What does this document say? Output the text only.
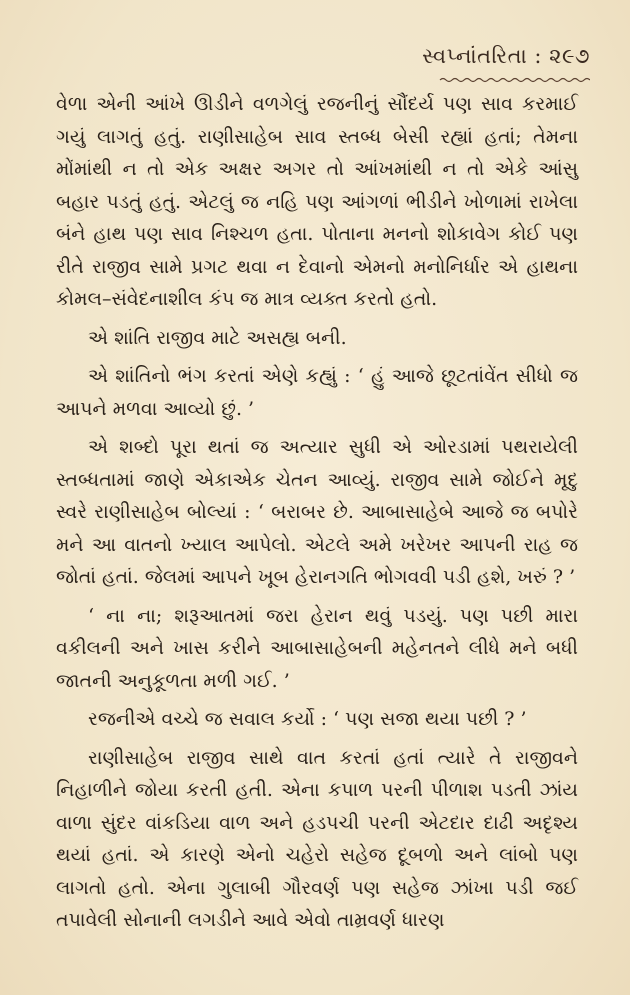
સ્વપ્નાંતરિતા : ૨૯૭

વેળા એની આંખે ઊડીને વળગેલું રજનીનું સૌંદર્ય પણ સાવ કરમાઈ ગયું લાગતું હતું. રાણીસાહેબ સાવ સ્તબ્ધ બેસી રહ્યાં હતાં; તેમના મોંમાંથી ન તો એક અક્ષર અગર તો આંખમાંથી ન તો એકે આંસુ બહાર પડતું હતું. એટલું જ નહિ પણ આંગળાં ભીડીને ખોળામાં રાખેલા બંને હાથ પણ સાવ નિશ્ચળ હતા. પોતાના મનનો શોકાવેગ કોઈ પણ રીતે રાજીવ સામે પ્રગટ થવા ન દેવાનો એમનો મનોનિર્ધાર એ હાથના કોમલ–સંવેદનાશીલ કંપ જ માત્ર વ્યક્ત કરતો હતો.

એ શાંતિ રાજીવ માટે અસહ્ય બની.

એ શાંતિનો ભંગ કરતાં એણે કહ્યું : ‘ હું આજે છૂટતાંવેંત સીધો જ આપને મળવા આવ્યો છું. ’

એ શબ્દો પૂરા થતાં જ અત્યાર સુધી એ ઓરડામાં પથરાયેલી સ્તબ્ધતામાં જાણે એકાએક ચેતન આવ્યું. રાજીવ સામે જોઈને મૃદુ સ્વરે રાણીસાહેબ બોલ્યાં : ‘ બરાબર છે. આબાસાહેબે આજે જ બપોરે મને આ વાતનો ખ્યાલ આપેલો. એટલે અમે ખરેખર આપની રાહ જ જોતાં હતાં. જેલમાં આપને ખૂબ હેરાનગતિ ભોગવવી પડી હશે, ખરું ? ’

‘ ના ના; શરૂઆતમાં જરા હેરાન થવું પડયું. પણ પછી મારા વકીલની અને ખાસ કરીને આબાસાહેબની મહેનતને લીધે મને બધી જાતની અનુકૂળતા મળી ગઈ. ’

રજનીએ વચ્ચે જ સવાલ કર્યો : ‘ પણ સજા થયા પછી ? ’

રાણીસાહેબ રાજીવ સાથે વાત કરતાં હતાં ત્યારે તે રાજીવને નિહાળીને જોયા કરતી હતી. એના કપાળ પરની પીળાશ પડતી ઝાંય વાળા સુંદર વાંકડિયા વાળ અને હડપચી પરની એટદાર દાઢી અદૃશ્ય થયાં હતાં. એ કારણે એનો ચહેરો સહેજ દૂબળો અને લાંબો પણ લાગતો હતો. એના ગુલાબી ગૌરવર્ણ પણ સહેજ ઝાંખા પડી જઈ તપાવેલી સોનાની લગડીને આવે એવો તામ્રવર્ણ ધારણ
